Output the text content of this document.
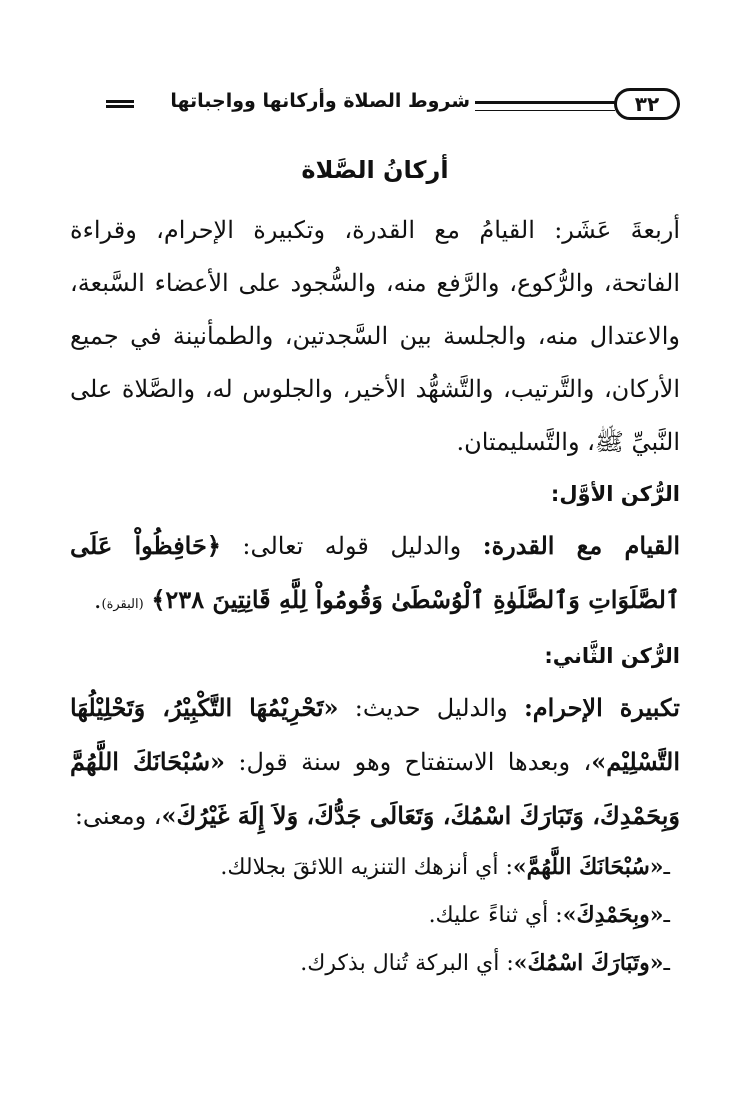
٣٢
شروط الصلاة وأركانها وواجباتها
أركانُ الصَّلاة

أربعةَ عَشَر: القيامُ مع القدرة، وتكبيرة الإحرام، وقراءة الفاتحة، والرُّكوع، والرَّفع منه، والسُّجود على الأعضاء السَّبعة، والاعتدال منه، والجلسة بين السَّجدتين، والطمأنينة في جميع الأركان، والتَّرتيب، والتَّشهُّد الأخير، والجلوس له، والصَّلاة على النَّبيِّ ﷺ، والتَّسليمتان.

الرُّكن الأوَّل:

القيام مع القدرة: والدليل قوله تعالى: ﴿حَافِظُواْ عَلَى ٱلصَّلَوَاتِ وَٱلصَّلَوٰةِ ٱلْوُسْطَىٰ وَقُومُواْ لِلَّهِ قَانِتِينَ ٢٣٨﴾ (البقرة).

الرُّكن الثَّاني:

تكبيرة الإحرام: والدليل حديث: «تَحْرِيْمُهَا التَّكْبِيْرُ، وَتَحْلِيْلُهَا التَّسْلِيْم»، وبعدها الاستفتاح وهو سنة قول: «سُبْحَانَكَ اللَّهُمَّ وَبِحَمْدِكَ، وَتَبَارَكَ اسْمُكَ، وَتَعَالَى جَدُّكَ، وَلاَ إِلَهَ غَيْرُكَ»، ومعنى:

ـ«سُبْحَانَكَ اللَّهُمَّ»: أي أنزهك التنزيه اللائقَ بجلالك.
ـ«وبِحَمْدِكَ»: أي ثناءً عليك.
ـ«وتَبَارَكَ اسْمُكَ»: أي البركة تُنال بذكرك.
